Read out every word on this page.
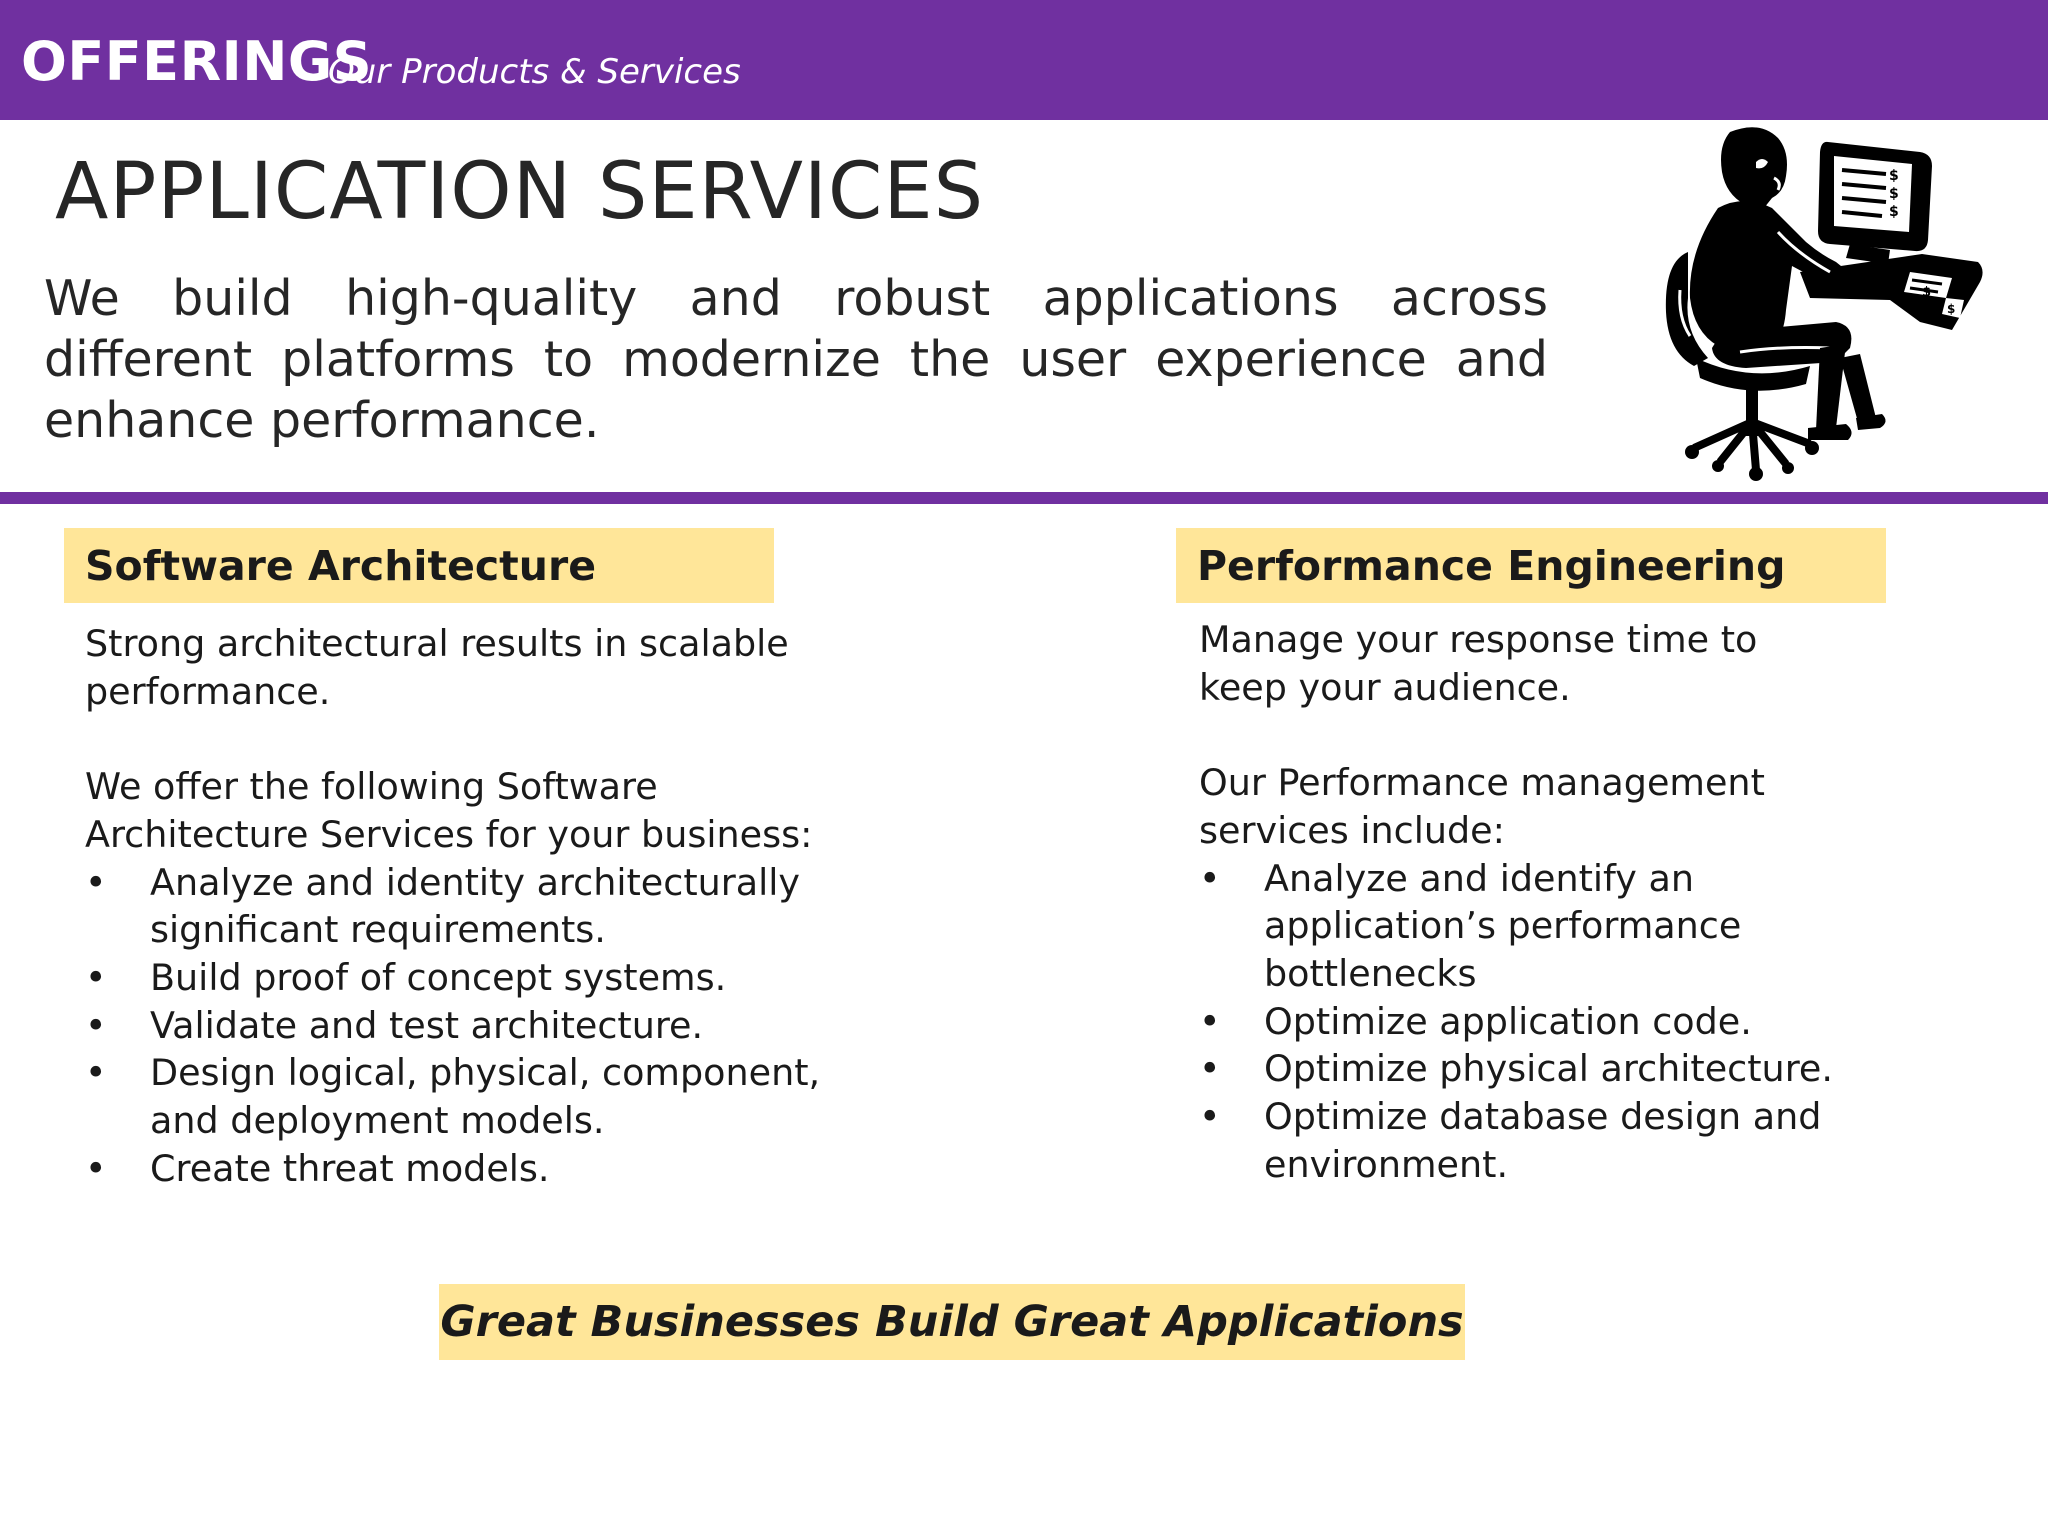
OFFERINGS
Our Products & Services
APPLICATION SERVICES
We build high-quality and robust applications across different platforms to modernize the user experience and enhance performance.
$
$
$
$
$
Software Architecture	Performance Engineering

Strong architectural results in scalable performance.

We offer the following Software Architecture Services for your business:

• Analyze and identity architecturally significant requirements.
• Build proof of concept systems.
• Validate and test architecture.
• Design logical, physical, component, and deployment models.
• Create threat models.

Manage your response time to keep your audience.

Our Performance management services include:

• Analyze and identify an application’s performance bottlenecks
• Optimize application code.
• Optimize physical architecture.
• Optimize database design and environment.
Great Businesses Build Great Applications
